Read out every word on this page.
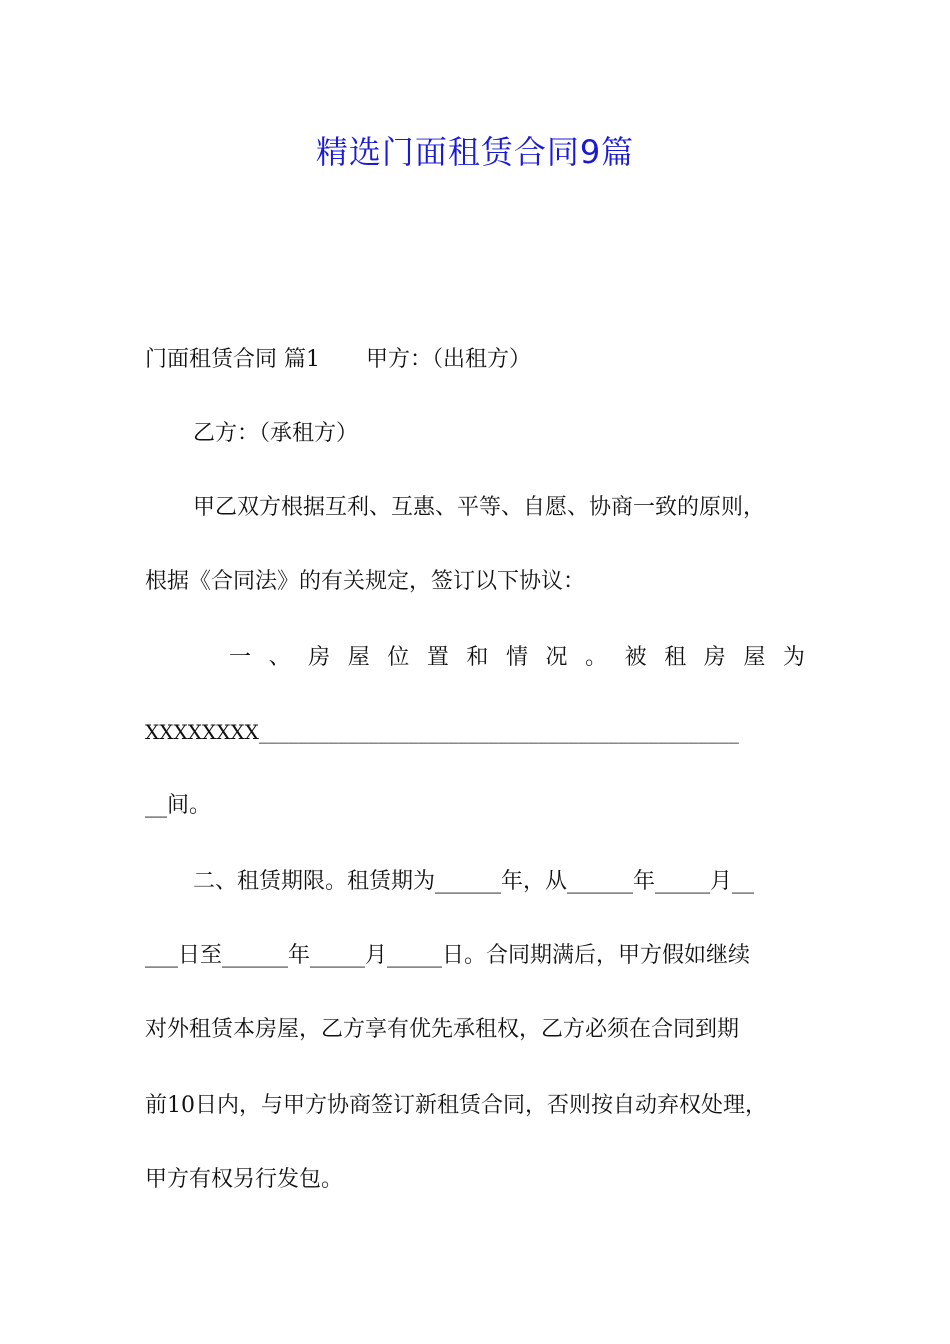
精选门面租赁合同9篇

门面租赁合同 篇1 甲方：（出租方）

乙方：（承租方）

甲乙双方根据互利、互惠、平等、自愿、协商一致的原则，

根据《合同法》的有关规定，签订以下协议：

一 、 房 屋 位 置 和 情 况 。 被 租 房 屋 为

XXXXXXXX________________________________________________

__间。

二、租赁期限。租赁期为______年，从______年_____月__

___日至______年_____月_____日。合同期满后，甲方假如继续

对外租赁本房屋，乙方享有优先承租权，乙方必须在合同到期

前10日内，与甲方协商签订新租赁合同，否则按自动弃权处理，

甲方有权另行发包。
